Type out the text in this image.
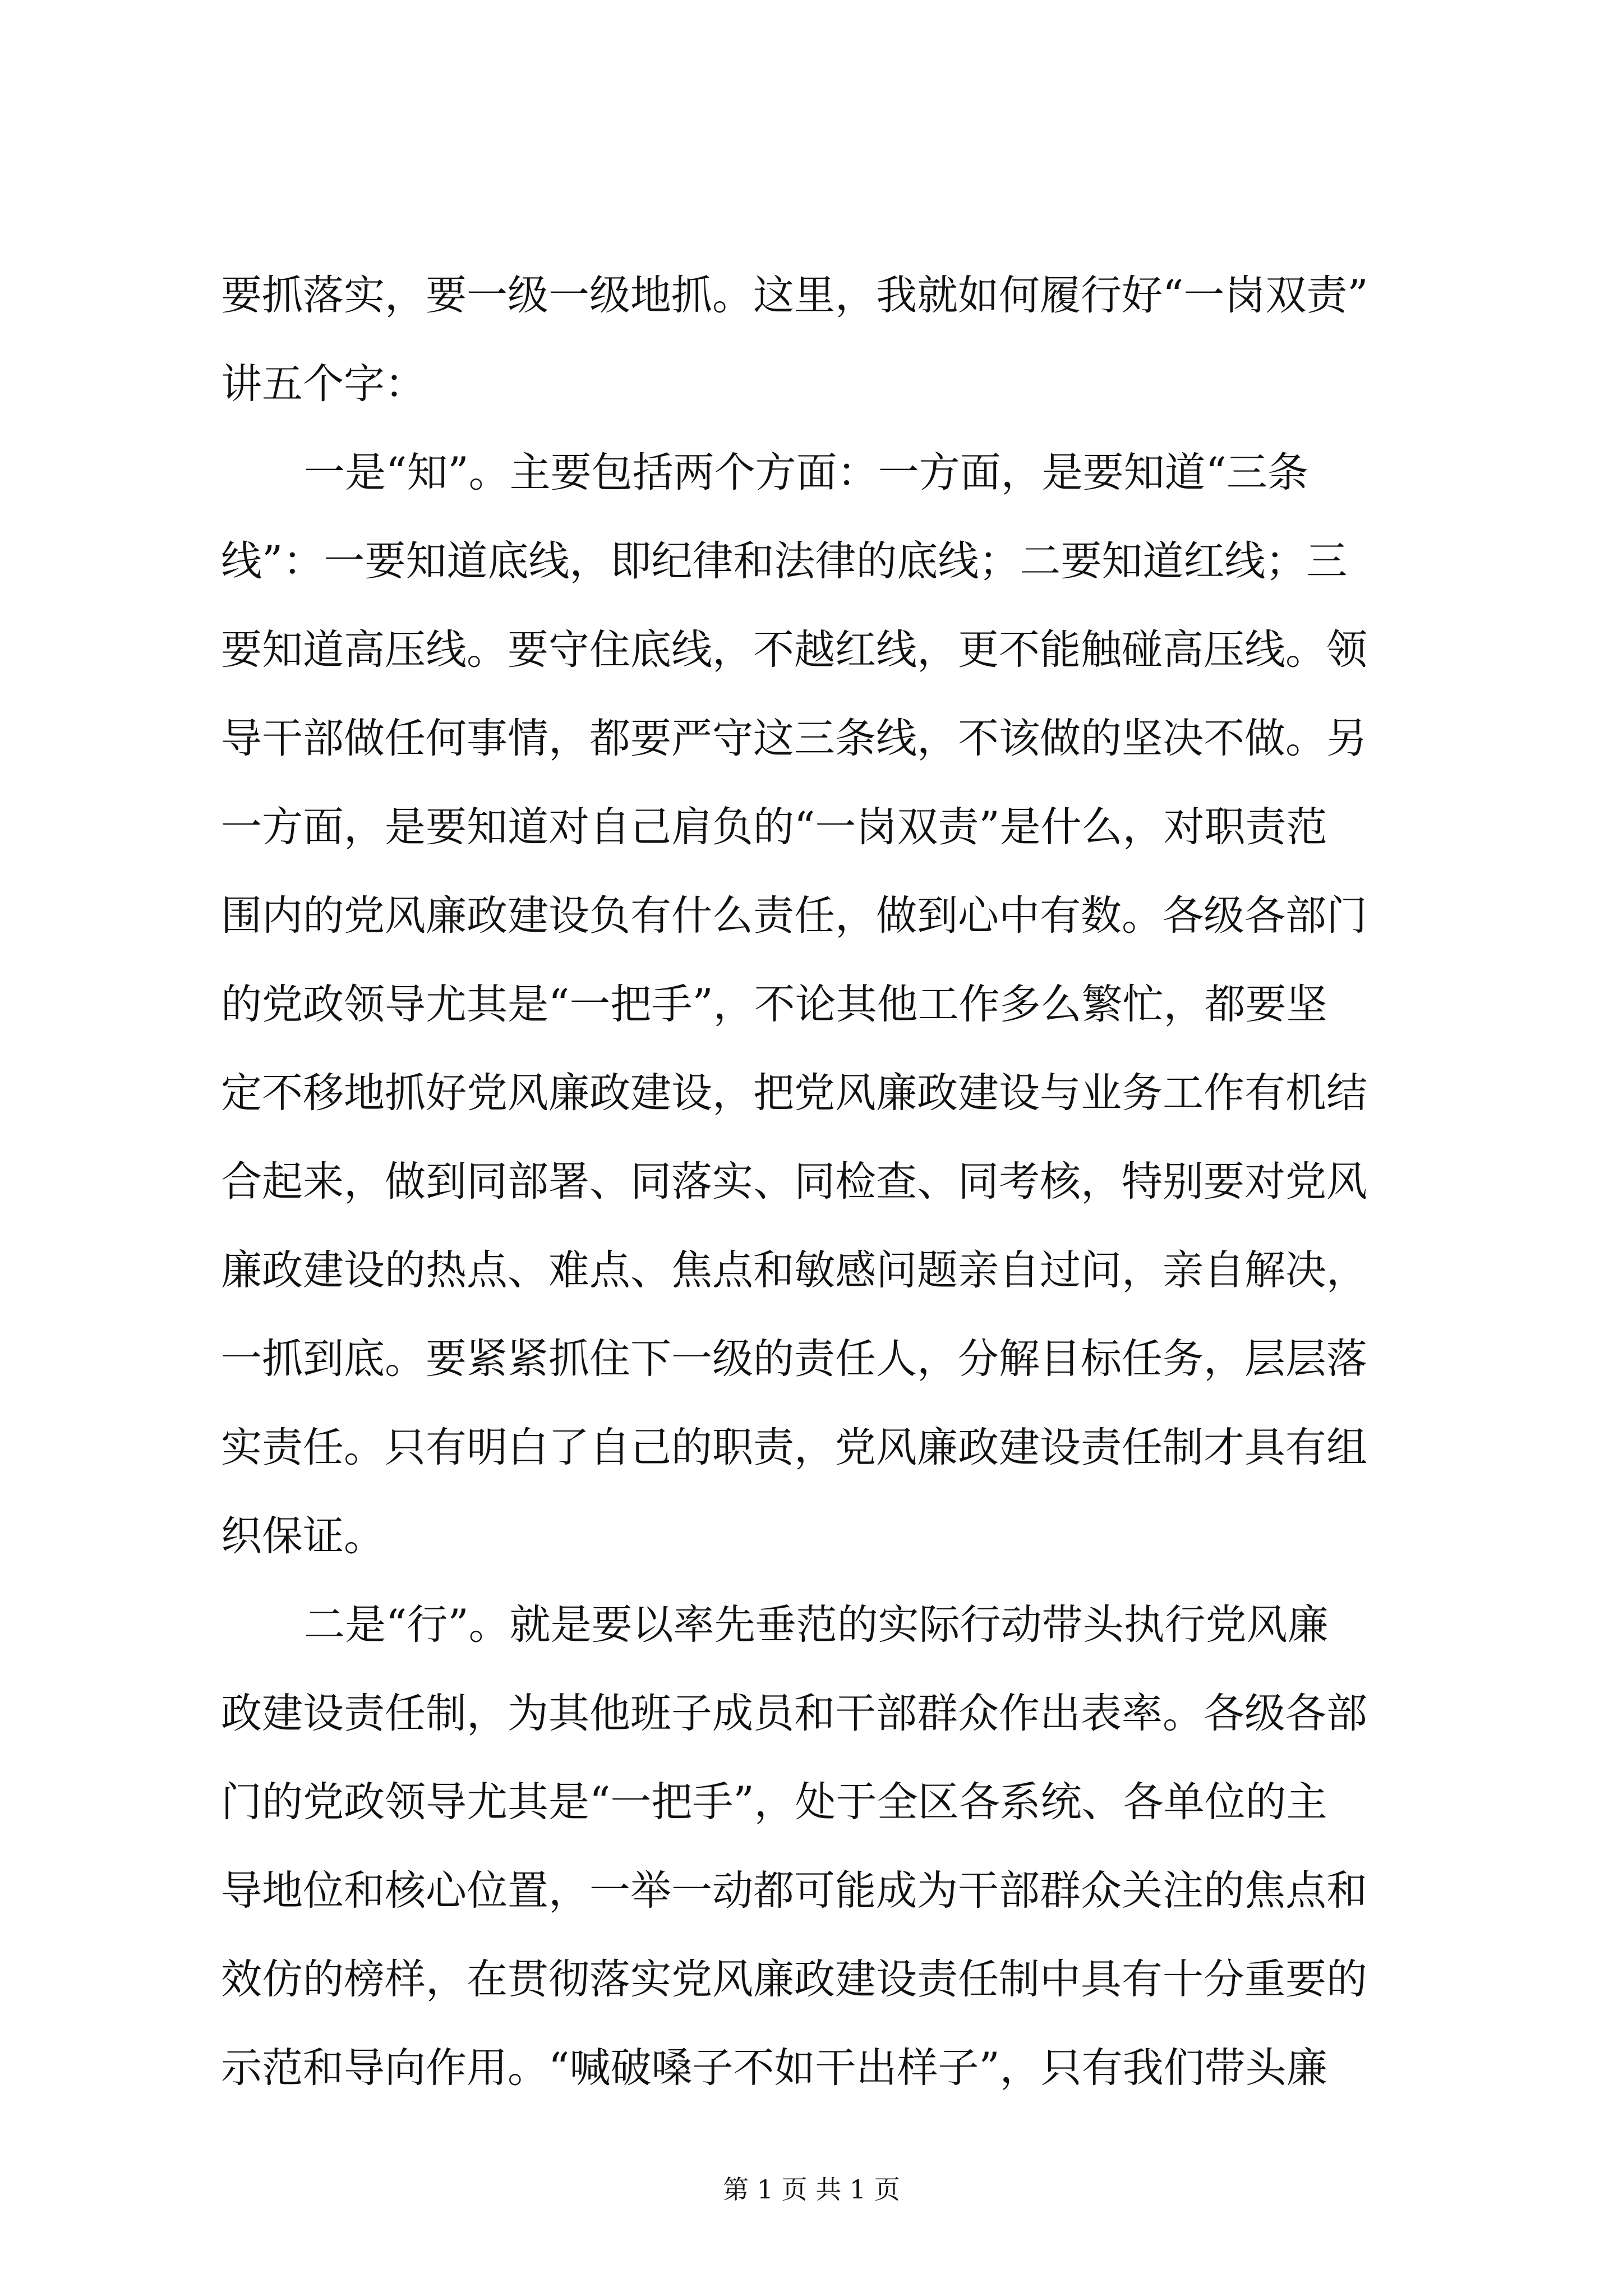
要抓落实，要一级一级地抓。这里，我就如何履行好“一岗双责”
讲五个字：
一是“知”。主要包括两个方面：一方面，是要知道“三条
线”：一要知道底线，即纪律和法律的底线；二要知道红线；三
要知道高压线。要守住底线，不越红线，更不能触碰高压线。领
导干部做任何事情，都要严守这三条线，不该做的坚决不做。另
一方面，是要知道对自己肩负的“一岗双责”是什么，对职责范
围内的党风廉政建设负有什么责任，做到心中有数。各级各部门
的党政领导尤其是“一把手”，不论其他工作多么繁忙，都要坚
定不移地抓好党风廉政建设，把党风廉政建设与业务工作有机结
合起来，做到同部署、同落实、同检查、同考核，特别要对党风
廉政建设的热点、难点、焦点和敏感问题亲自过问，亲自解决，
一抓到底。要紧紧抓住下一级的责任人，分解目标任务，层层落
实责任。只有明白了自己的职责，党风廉政建设责任制才具有组
织保证。
二是“行”。就是要以率先垂范的实际行动带头执行党风廉
政建设责任制，为其他班子成员和干部群众作出表率。各级各部
门的党政领导尤其是“一把手”，处于全区各系统、各单位的主
导地位和核心位置，一举一动都可能成为干部群众关注的焦点和
效仿的榜样，在贯彻落实党风廉政建设责任制中具有十分重要的
示范和导向作用。“喊破嗓子不如干出样子”，只有我们带头廉
第 1 页 共 1 页
